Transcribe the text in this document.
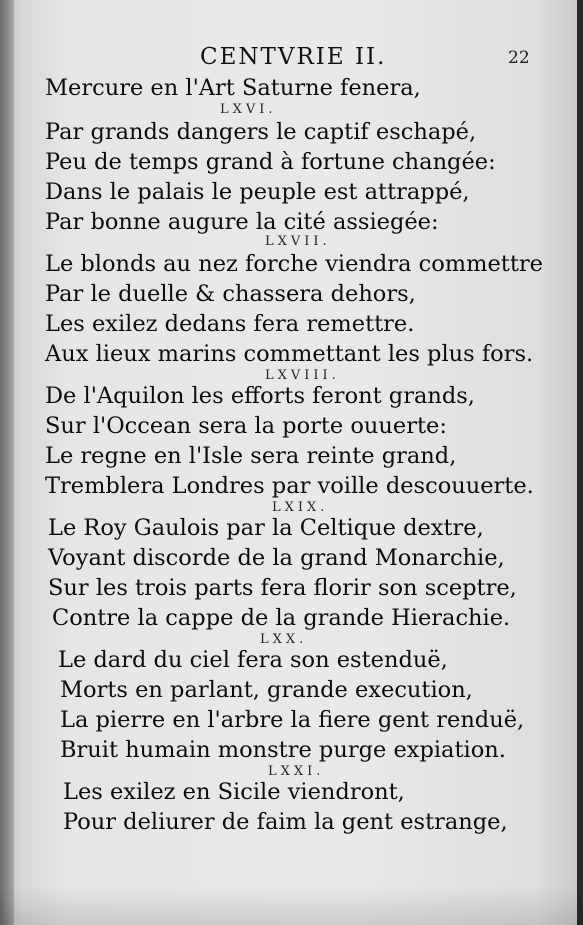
CENTVRIE II.	22
Mercure en l'Art Saturne fenera,
LXVI.
Par grands dangers le captif eschapé,
Peu de temps grand à fortune changée:
Dans le palais le peuple est attrappé,
Par bonne augure la cité assiegée:
LXVII.
Le blonds au nez forche viendra commettre
Par le duelle & chassera dehors,
Les exilez dedans fera remettre.
Aux lieux marins commettant les plus fors.
LXVIII.
De l'Aquilon les efforts feront grands,
Sur l'Occean sera la porte ouuerte:
Le regne en l'Isle sera reinte grand,
Tremblera Londres par voille descouuerte.
LXIX.
Le Roy Gaulois par la Celtique dextre,
Voyant discorde de la grand Monarchie,
Sur les trois parts fera florir son sceptre,
Contre la cappe de la grande Hierachie.
LXX.
Le dard du ciel fera son estenduë,
Morts en parlant, grande execution,
La pierre en l'arbre la fiere gent renduë,
Bruit humain monstre purge expiation.
LXXI.
Les exilez en Sicile viendront,
Pour deliurer de faim la gent estrange,
